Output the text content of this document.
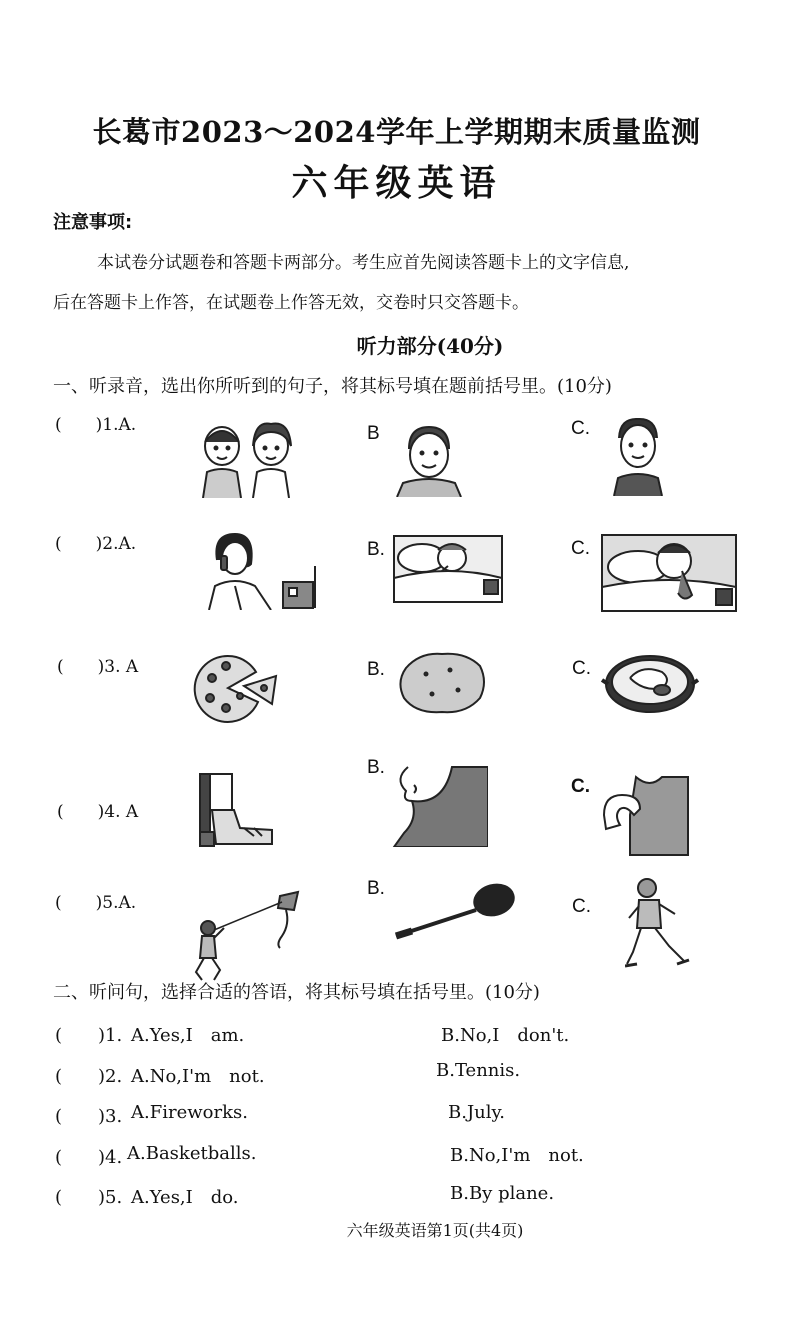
长葛市2023～2024学年上学期期末质量监测
六年级英语
注意事项:
本试卷分试题卷和答题卡两部分。考生应首先阅读答题卡上的文字信息,
后在答题卡上作答，在试题卷上作答无效，交卷时只交答题卡。
听力部分(40分)
一、听录音，选出你所听到的句子，将其标号填在题前括号里。(10分)
(　　)1.A.	B	C.
(　　)2.A.	B.	C.
(　　)3. A	B.	C.
(　　)4. A
B.
C.
(　　)5.A.
B.
C.
二、听问句，选择合适的答语，将其标号填在括号里。(10分)
(　　)1. A.Yes,I　am.	B.No,I　don't.
(　　)2. A.No,I'm　not.	B.Tennis.
(　　)3. A.Fireworks.	B.July.
(　　)4. A.Basketballs.	B.No,I'm　not.
(　　)5. A.Yes,I　do.	B.By plane.
六年级英语第1页(共4页)
